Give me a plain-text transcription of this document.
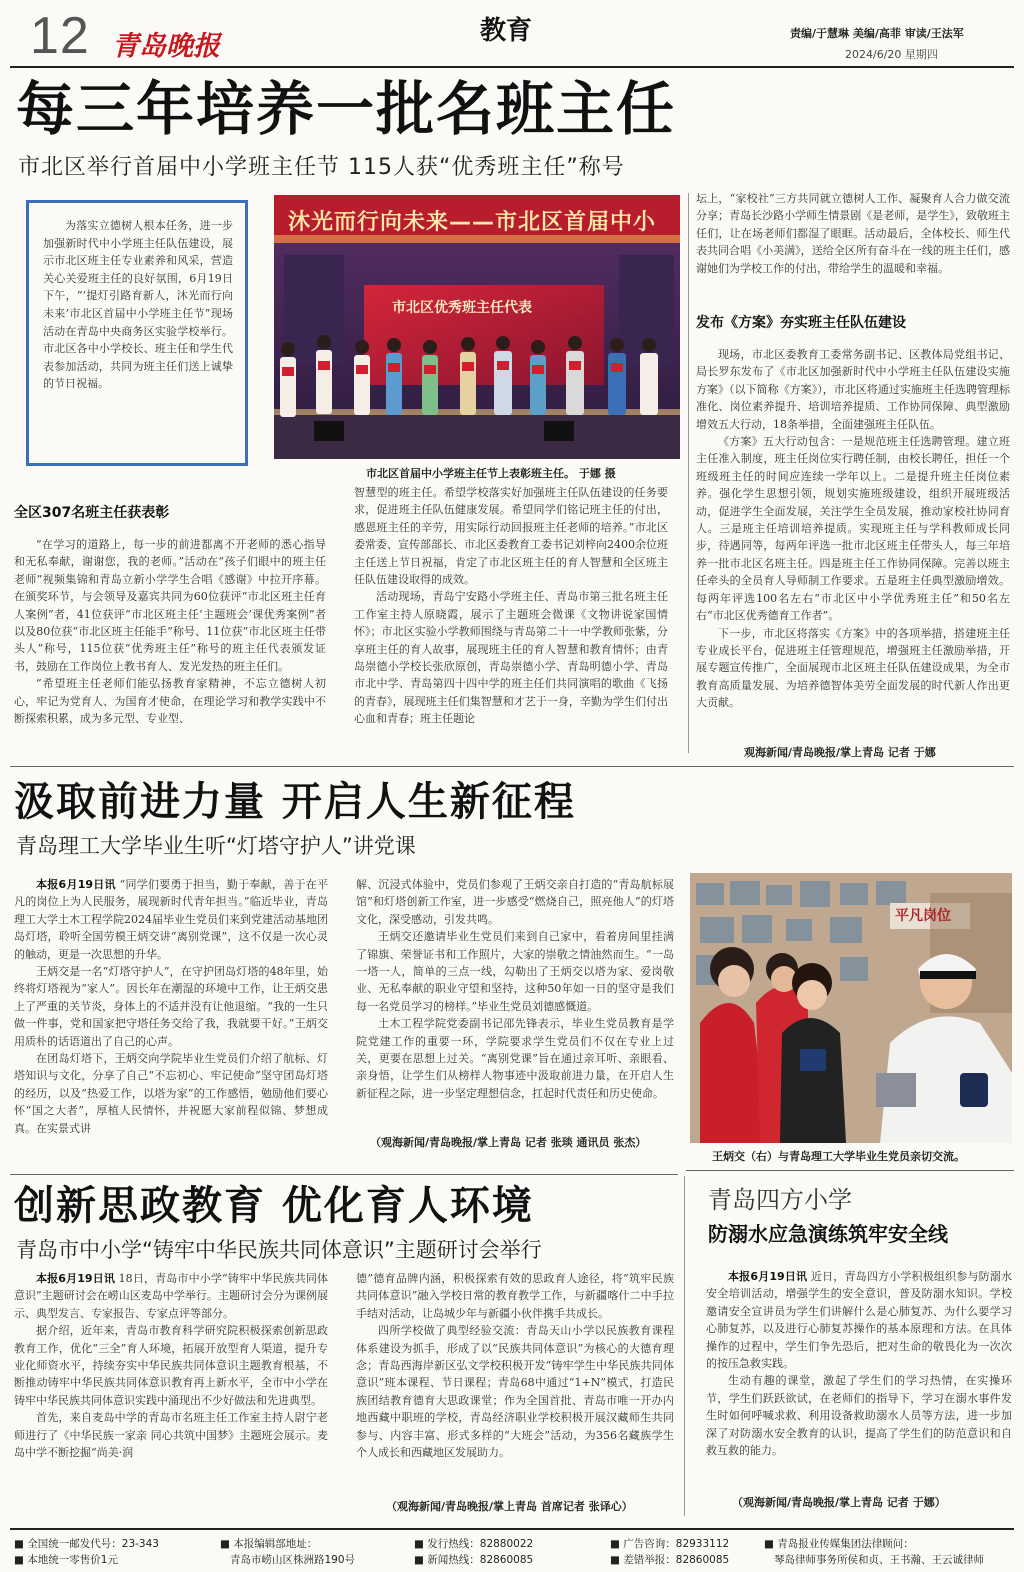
12 青岛晚报	教育	责编/于慧琳 美编/高菲 审读/王法军
2024/6/20 星期四
每三年培养一批名班主任
市北区举行首届中小学班主任节 115人获“优秀班主任”称号

为落实立德树人根本任务，进一步加强新时代中小学班主任队伍建设，展示市北区班主任专业素养和风采，营造关心关爱班主任的良好氛围，6月19日下午，“‘提灯引路育新人，沐光而行向未来’市北区首届中小学班主任节”现场活动在青岛中央商务区实验学校举行。市北区各中小学校长、班主任和学生代表参加活动，共同为班主任们送上诚挚的节日祝福。

沐光而行向未来——市北区首届中小
市北区优秀班主任代表
市北区首届中小学班主任节上表彰班主任。 于娜 摄
全区307名班主任获表彰

“在学习的道路上，每一步的前进都离不开老师的悉心指导和无私奉献，谢谢您，我的老师。”活动在“孩子们眼中的班主任老师”视频集锦和青岛立新小学学生合唱《感谢》中拉开序幕。在颁奖环节，与会领导及嘉宾共同为60位获评“市北区班主任育人案例”者，41位获评“市北区班主任‘主题班会’课优秀案例”者以及80位获“市北区班主任能手”称号、11位获“市北区班主任带头人”称号，115位获“优秀班主任”称号的班主任代表颁发证书，鼓励在工作岗位上教书育人、发光发热的班主任们。

“希望班主任老师们能弘扬教育家精神，不忘立德树人初心，牢记为党育人、为国育才使命，在理论学习和教学实践中不断探索积累，成为多元型、专业型、

智慧型的班主任。希望学校落实好加强班主任队伍建设的任务要求，促进班主任队伍健康发展。希望同学们铭记班主任的付出，感恩班主任的辛劳，用实际行动回报班主任老师的培养。”市北区委常委、宣传部部长、市北区委教育工委书记刘梓向2400余位班主任送上节日祝福，肯定了市北区班主任的育人智慧和全区班主任队伍建设取得的成效。

活动现场，青岛宁安路小学班主任、青岛市第三批名班主任工作室主持人原晓霞，展示了主题班会微课《文物讲说家国情怀》；市北区实验小学教师围绕与青岛第二十一中学教师张紫，分享班主任的育人故事，展现班主任的育人智慧和教育情怀；由青岛崇德小学校长张欣原创，青岛崇德小学、青岛明德小学、青岛市北中学、青岛第四十四中学的班主任们共同演唱的歌曲《飞扬的青春》，展现班主任们集智慧和才艺于一身，辛勤为学生们付出心血和青春；班主任题论

坛上，“家校社”三方共同就立德树人工作、凝聚育人合力做交流分享；青岛长沙路小学师生情景剧《是老师，是学生》，致敬班主任们，让在场老师们都湿了眼眶。活动最后，全体校长、师生代表共同合唱《小美满》，送给全区所有奋斗在一线的班主任们，感谢她们为学校工作的付出，带给学生的温暖和幸福。

发布《方案》夯实班主任队伍建设

现场，市北区委教育工委常务副书记、区教体局党组书记、局长罗东发布了《市北区加强新时代中小学班主任队伍建设实施方案》（以下简称《方案》），市北区将通过实施班主任选聘管理标准化、岗位素养提升、培训培养提质、工作协同保障、典型激励增效五大行动，18条举措，全面建强班主任队伍。

《方案》五大行动包含：一是规范班主任选聘管理。建立班主任准入制度，班主任岗位实行聘任制，由校长聘任，担任一个班级班主任的时间应连续一学年以上。二是提升班主任岗位素养。强化学生思想引领，规划实施班级建设，组织开展班级活动，促进学生全面发展，关注学生全员发展，推动家校社协同育人。三是班主任培训培养提质。实现班主任与学科教师成长同步，待遇同等，每两年评选一批市北区班主任带头人，每三年培养一批市北区名班主任。四是班主任工作协同保障。完善以班主任牵头的全员育人导师制工作要求。五是班主任典型激励增效。每两年评选100名左右“市北区中小学优秀班主任”和50名左右“市北区优秀德育工作者”。

下一步，市北区将落实《方案》中的各项举措，搭建班主任专业成长平台，促进班主任管理规范，增强班主任激励举措，开展专题宣传推广，全面展现市北区班主任队伍建设成果，为全市教育高质量发展、为培养德智体美劳全面发展的时代新人作出更大贡献。

观海新闻/青岛晚报/掌上青岛 记者 于娜
汲取前进力量 开启人生新征程
青岛理工大学毕业生听“灯塔守护人”讲党课

本报6月19日讯 “同学们要勇于担当，勤于奉献，善于在平凡的岗位上为人民服务，展现新时代青年担当。”临近毕业，青岛理工大学土木工程学院2024届毕业生党员们来到党建活动基地团岛灯塔，聆听全国劳模王炳交讲“离别党课”，这不仅是一次心灵的触动，更是一次思想的升华。

王炳交是一名“灯塔守护人”，在守护团岛灯塔的48年里，始终将灯塔视为“家人”。因长年在潮湿的环境中工作，让王炳交患上了严重的关节炎，身体上的不适并没有让他退缩。“我的一生只做一件事，党和国家把守塔任务交给了我，我就要干好。”王炳交用质朴的话语道出了自己的心声。

在团岛灯塔下，王炳交向学院毕业生党员们介绍了航标、灯塔知识与文化，分享了自己“不忘初心、牢记使命”坚守团岛灯塔的经历，以及“热爱工作，以塔为家”的工作感悟，勉励他们要心怀“国之大者”，厚植人民情怀，并祝愿大家前程似锦、梦想成真。在实景式讲

解、沉浸式体验中，党员们参观了王炳交亲自打造的“青岛航标展馆”和灯塔创新工作室，进一步感受“燃烧自己，照亮他人”的灯塔文化，深受感动，引发共鸣。

王炳交还邀请毕业生党员们来到自己家中，看着房间里挂满了锦旗、荣誉证书和工作照片，大家的崇敬之情油然而生。“一岛一塔一人，简单的三点一线，勾勒出了王炳交以塔为家、爱岗敬业、无私奉献的职业守望和坚持，这种50年如一日的坚守是我们每一名党员学习的榜样。”毕业生党员刘德感慨道。

土木工程学院党委副书记邵先锋表示，毕业生党员教育是学院党建工作的重要一环，学院要求学生党员们不仅在专业上过关，更要在思想上过关。“离别党课”旨在通过亲耳听、亲眼看、亲身悟，让学生们从榜样人物事迹中汲取前进力量，在开启人生新征程之际，进一步坚定理想信念，扛起时代责任和历史使命。

（观海新闻/青岛晚报/掌上青岛 记者 张琰 通讯员 张杰）
平凡岗位
王炳交（右）与青岛理工大学毕业生党员亲切交流。
创新思政教育 优化育人环境
青岛市中小学“铸牢中华民族共同体意识”主题研讨会举行

本报6月19日讯 18日，青岛市中小学“铸牢中华民族共同体意识”主题研讨会在崂山区麦岛中学举行。主题研讨会分为课例展示、典型发言、专家报告、专家点评等部分。

据介绍，近年来，青岛市教育科学研究院积极探索创新思政教育工作，优化“三全”育人环境，拓展开放型育人渠道，提升专业化师资水平，持续夯实中华民族共同体意识主题教育根基，不断推动铸牢中华民族共同体意识教育再上新水平，全市中小学在铸牢中华民族共同体意识实践中涌现出不少好做法和先进典型。

首先，来自麦岛中学的青岛市名班主任工作室主持人尉宁老师进行了《中华民族一家亲 同心共筑中国梦》主题班会展示。麦岛中学不断挖掘“尚美·润

德”德育品牌内涵，积极探索有效的思政育人途径，将“筑牢民族共同体意识”融入学校日常的教育教学工作，与新疆喀什二中手拉手结对活动，让岛城少年与新疆小伙伴携手共成长。

四所学校做了典型经验交流：青岛天山小学以民族教育课程体系建设为抓手，形成了以“民族共同体意识”为核心的大德育理念；青岛西海岸新区弘文学校积极开发“铸牢学生中华民族共同体意识”班本课程、节日课程；青岛68中通过“1+N”模式，打造民族团结教育德育大思政课堂；作为全国首批、青岛市唯一开办内地西藏中职班的学校，青岛经济职业学校积极开展汉藏师生共同参与、内容丰富、形式多样的“大班会”活动，为356名藏族学生个人成长和西藏地区发展助力。

（观海新闻/青岛晚报/掌上青岛 首席记者 张译心）
青岛四方小学
防溺水应急演练筑牢安全线

本报6月19日讯 近日，青岛四方小学积极组织参与防溺水安全培训活动，增强学生的安全意识，普及防溺水知识。学校邀请安全宣讲员为学生们讲解什么是心肺复苏、为什么要学习心肺复苏，以及进行心肺复苏操作的基本原理和方法。在具体操作的过程中，学生们争先恐后，把对生命的敬畏化为一次次的按压急救实践。

生动有趣的课堂，激起了学生们的学习热情，在实操环节，学生们跃跃欲试，在老师们的指导下，学习在溺水事件发生时如何呼喊求救、利用设备救助溺水人员等方法，进一步加深了对防溺水安全教育的认识，提高了学生们的防范意识和自救互救的能力。

（观海新闻/青岛晚报/掌上青岛 记者 于娜）
■ 全国统一邮发代号：23-343
■ 本地统一零售价1元
■ 本报编辑部地址：
青岛市崂山区株洲路190号
■ 发行热线：82880022
■ 新闻热线：82860085
■ 广告咨询：82933112
■ 差错举报：82860085
■ 青岛报业传媒集团法律顾问：
琴岛律师事务所侯和贞、王书瀚、王云诚律师
